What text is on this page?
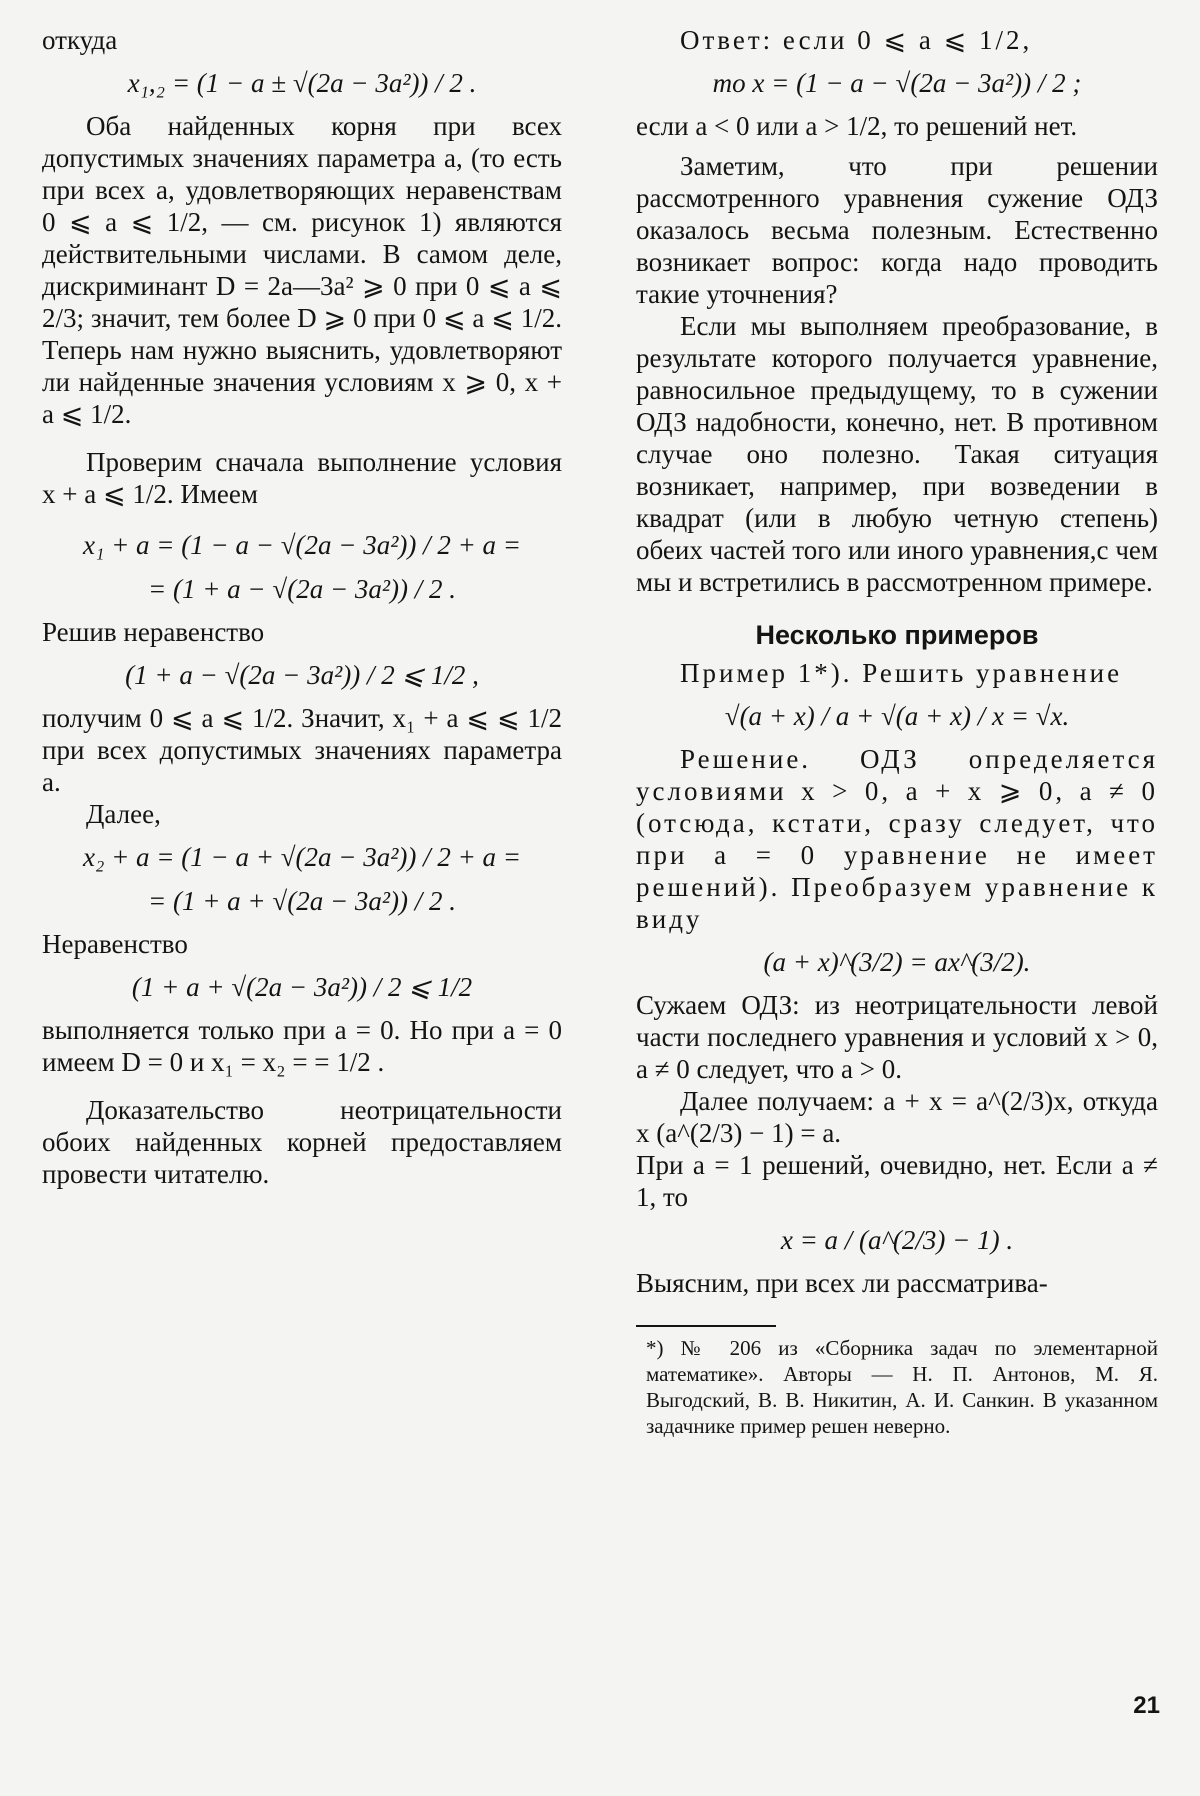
откуда

x₁,₂ = (1 − a ± √(2a − 3a²)) / 2 .

Оба найденных корня при всех допустимых значениях параметра a, (то есть при всех a, удовлетворяющих неравенствам 0 ⩽ a ⩽ 1/2, — см. рисунок 1) являются действительными числами. В самом деле, дискриминант D = 2a—3a² ⩾ 0 при 0 ⩽ a ⩽ 2/3; значит, тем более D ⩾ 0 при 0 ⩽ a ⩽ 1/2. Теперь нам нужно выяснить, удовлетворяют ли найденные значения условиям x ⩾ 0, x + a ⩽ 1/2.

Проверим сначала выполнение условия x + a ⩽ 1/2. Имеем

x₁ + a = (1 − a − √(2a − 3a²)) / 2 + a =
= (1 + a − √(2a − 3a²)) / 2 .

Решив неравенство

(1 + a − √(2a − 3a²)) / 2 ⩽ 1/2 ,

получим 0 ⩽ a ⩽ 1/2. Значит, x₁ + a ⩽ ⩽ 1/2 при всех допустимых значениях параметра a.

Далее,

x₂ + a = (1 − a + √(2a − 3a²)) / 2 + a =
= (1 + a + √(2a − 3a²)) / 2 .

Неравенство

(1 + a + √(2a − 3a²)) / 2 ⩽ 1/2

выполняется только при a = 0. Но при a = 0 имеем D = 0 и x₁ = x₂ = = 1/2 .

Доказательство неотрицательности обоих найденных корней предоставляем провести читателю.

Ответ: если 0 ⩽ a ⩽ 1/2,

то x = (1 − a − √(2a − 3a²)) / 2 ;

если a < 0 или a > 1/2, то решений нет.

Заметим, что при решении рассмотренного уравнения сужение ОДЗ оказалось весьма полезным. Естественно возникает вопрос: когда надо проводить такие уточнения?

Если мы выполняем преобразование, в результате которого получается уравнение, равносильное предыдущему, то в сужении ОДЗ надобности, конечно, нет. В противном случае оно полезно. Такая ситуация возникает, например, при возведении в квадрат (или в любую четную степень) обеих частей того или иного уравнения,с чем мы и встретились в рассмотренном примере.

Несколько примеров

Пример 1*). Решить уравнение

√(a + x) / a + √(a + x) / x = √x.

Решение. ОДЗ определяется условиями x > 0, a + x ⩾ 0, a ≠ 0 (отсюда, кстати, сразу следует, что при a = 0 уравнение не имеет решений). Преобразуем уравнение к виду

(a + x)^(3/2) = ax^(3/2).

Сужаем ОДЗ: из неотрицательности левой части последнего уравнения и условий x > 0, a ≠ 0 следует, что a > 0.

Далее получаем: a + x = a^(2/3)x, откуда x (a^(2/3) − 1) = a.

При a = 1 решений, очевидно, нет. Если a ≠ 1, то

x = a / (a^(2/3) − 1) .

Выясним, при всех ли рассматрива-

*) № 206 из «Сборника задач по элементарной математике». Авторы — Н. П. Антонов, М. Я. Выгодский, В. В. Никитин, А. И. Санкин. В указанном задачнике пример решен неверно.

21
